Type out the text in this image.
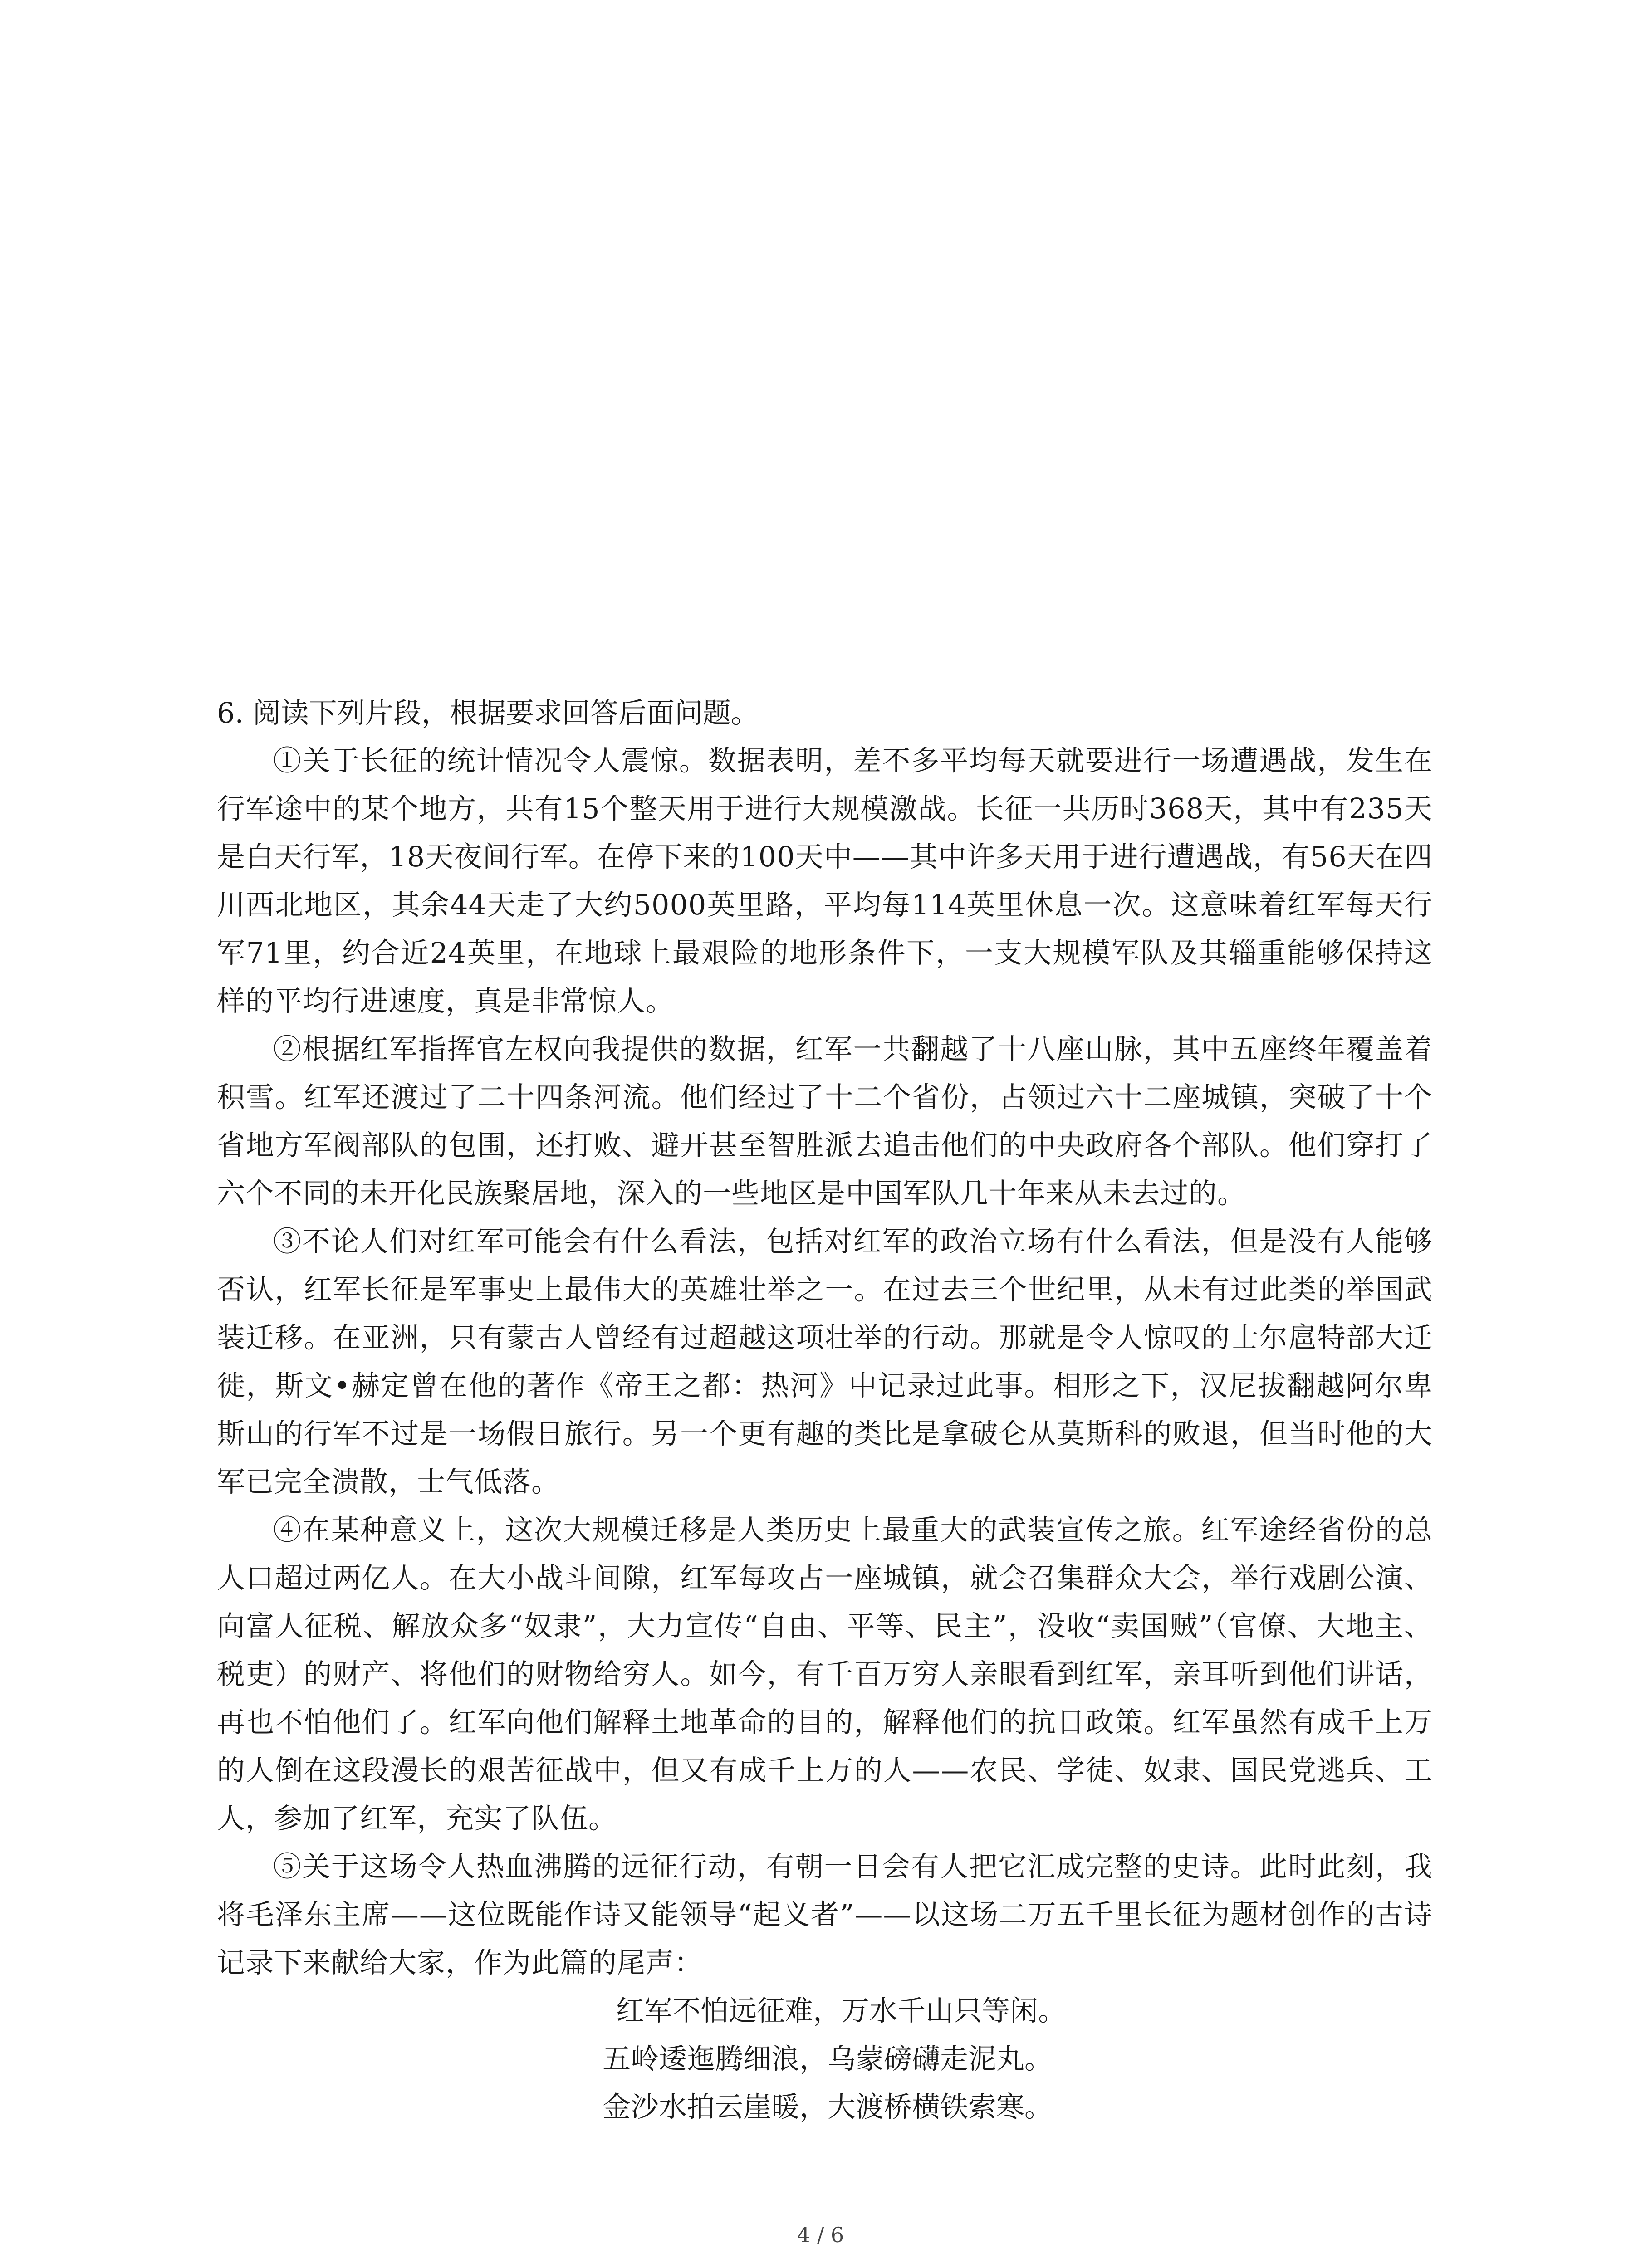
6. 阅读下列片段，根据要求回答后面问题。

①关于长征的统计情况令人震惊。数据表明，差不多平均每天就要进行一场遭遇战，发生在行军途中的某个地方，共有15个整天用于进行大规模激战。长征一共历时368天，其中有235天是白天行军，18天夜间行军。在停下来的100天中——其中许多天用于进行遭遇战，有56天在四川西北地区，其余44天走了大约5000英里路，平均每114英里休息一次。这意味着红军每天行军71里，约合近24英里，在地球上最艰险的地形条件下，一支大规模军队及其辎重能够保持这样的平均行进速度，真是非常惊人。

②根据红军指挥官左权向我提供的数据，红军一共翻越了十八座山脉，其中五座终年覆盖着积雪。红军还渡过了二十四条河流。他们经过了十二个省份，占领过六十二座城镇，突破了十个省地方军阀部队的包围，还打败、避开甚至智胜派去追击他们的中央政府各个部队。他们穿打了六个不同的未开化民族聚居地，深入的一些地区是中国军队几十年来从未去过的。

③不论人们对红军可能会有什么看法，包括对红军的政治立场有什么看法，但是没有人能够否认，红军长征是军事史上最伟大的英雄壮举之一。在过去三个世纪里，从未有过此类的举国武装迁移。在亚洲，只有蒙古人曾经有过超越这项壮举的行动。那就是令人惊叹的士尔扈特部大迁徙，斯文•赫定曾在他的著作《帝王之都：热河》中记录过此事。相形之下，汉尼拔翻越阿尔卑斯山的行军不过是一场假日旅行。另一个更有趣的类比是拿破仑从莫斯科的败退，但当时他的大军已完全溃散，士气低落。

④在某种意义上，这次大规模迁移是人类历史上最重大的武装宣传之旅。红军途经省份的总人口超过两亿人。在大小战斗间隙，红军每攻占一座城镇，就会召集群众大会，举行戏剧公演、向富人征税、解放众多“奴隶”，大力宣传“自由、平等、民主”，没收“卖国贼”（官僚、大地主、税吏）的财产、将他们的财物给穷人。如今，有千百万穷人亲眼看到红军，亲耳听到他们讲话，再也不怕他们了。红军向他们解释土地革命的目的，解释他们的抗日政策。红军虽然有成千上万的人倒在这段漫长的艰苦征战中，但又有成千上万的人——农民、学徒、奴隶、国民党逃兵、工人，参加了红军，充实了队伍。

⑤关于这场令人热血沸腾的远征行动，有朝一日会有人把它汇成完整的史诗。此时此刻，我将毛泽东主席——这位既能作诗又能领导“起义者”——以这场二万五千里长征为题材创作的古诗记录下来献给大家，作为此篇的尾声：

红军不怕远征难，万水千山只等闲。
五岭逶迤腾细浪，乌蒙磅礴走泥丸。
金沙水拍云崖暖，大渡桥横铁索寒。
4 / 6
